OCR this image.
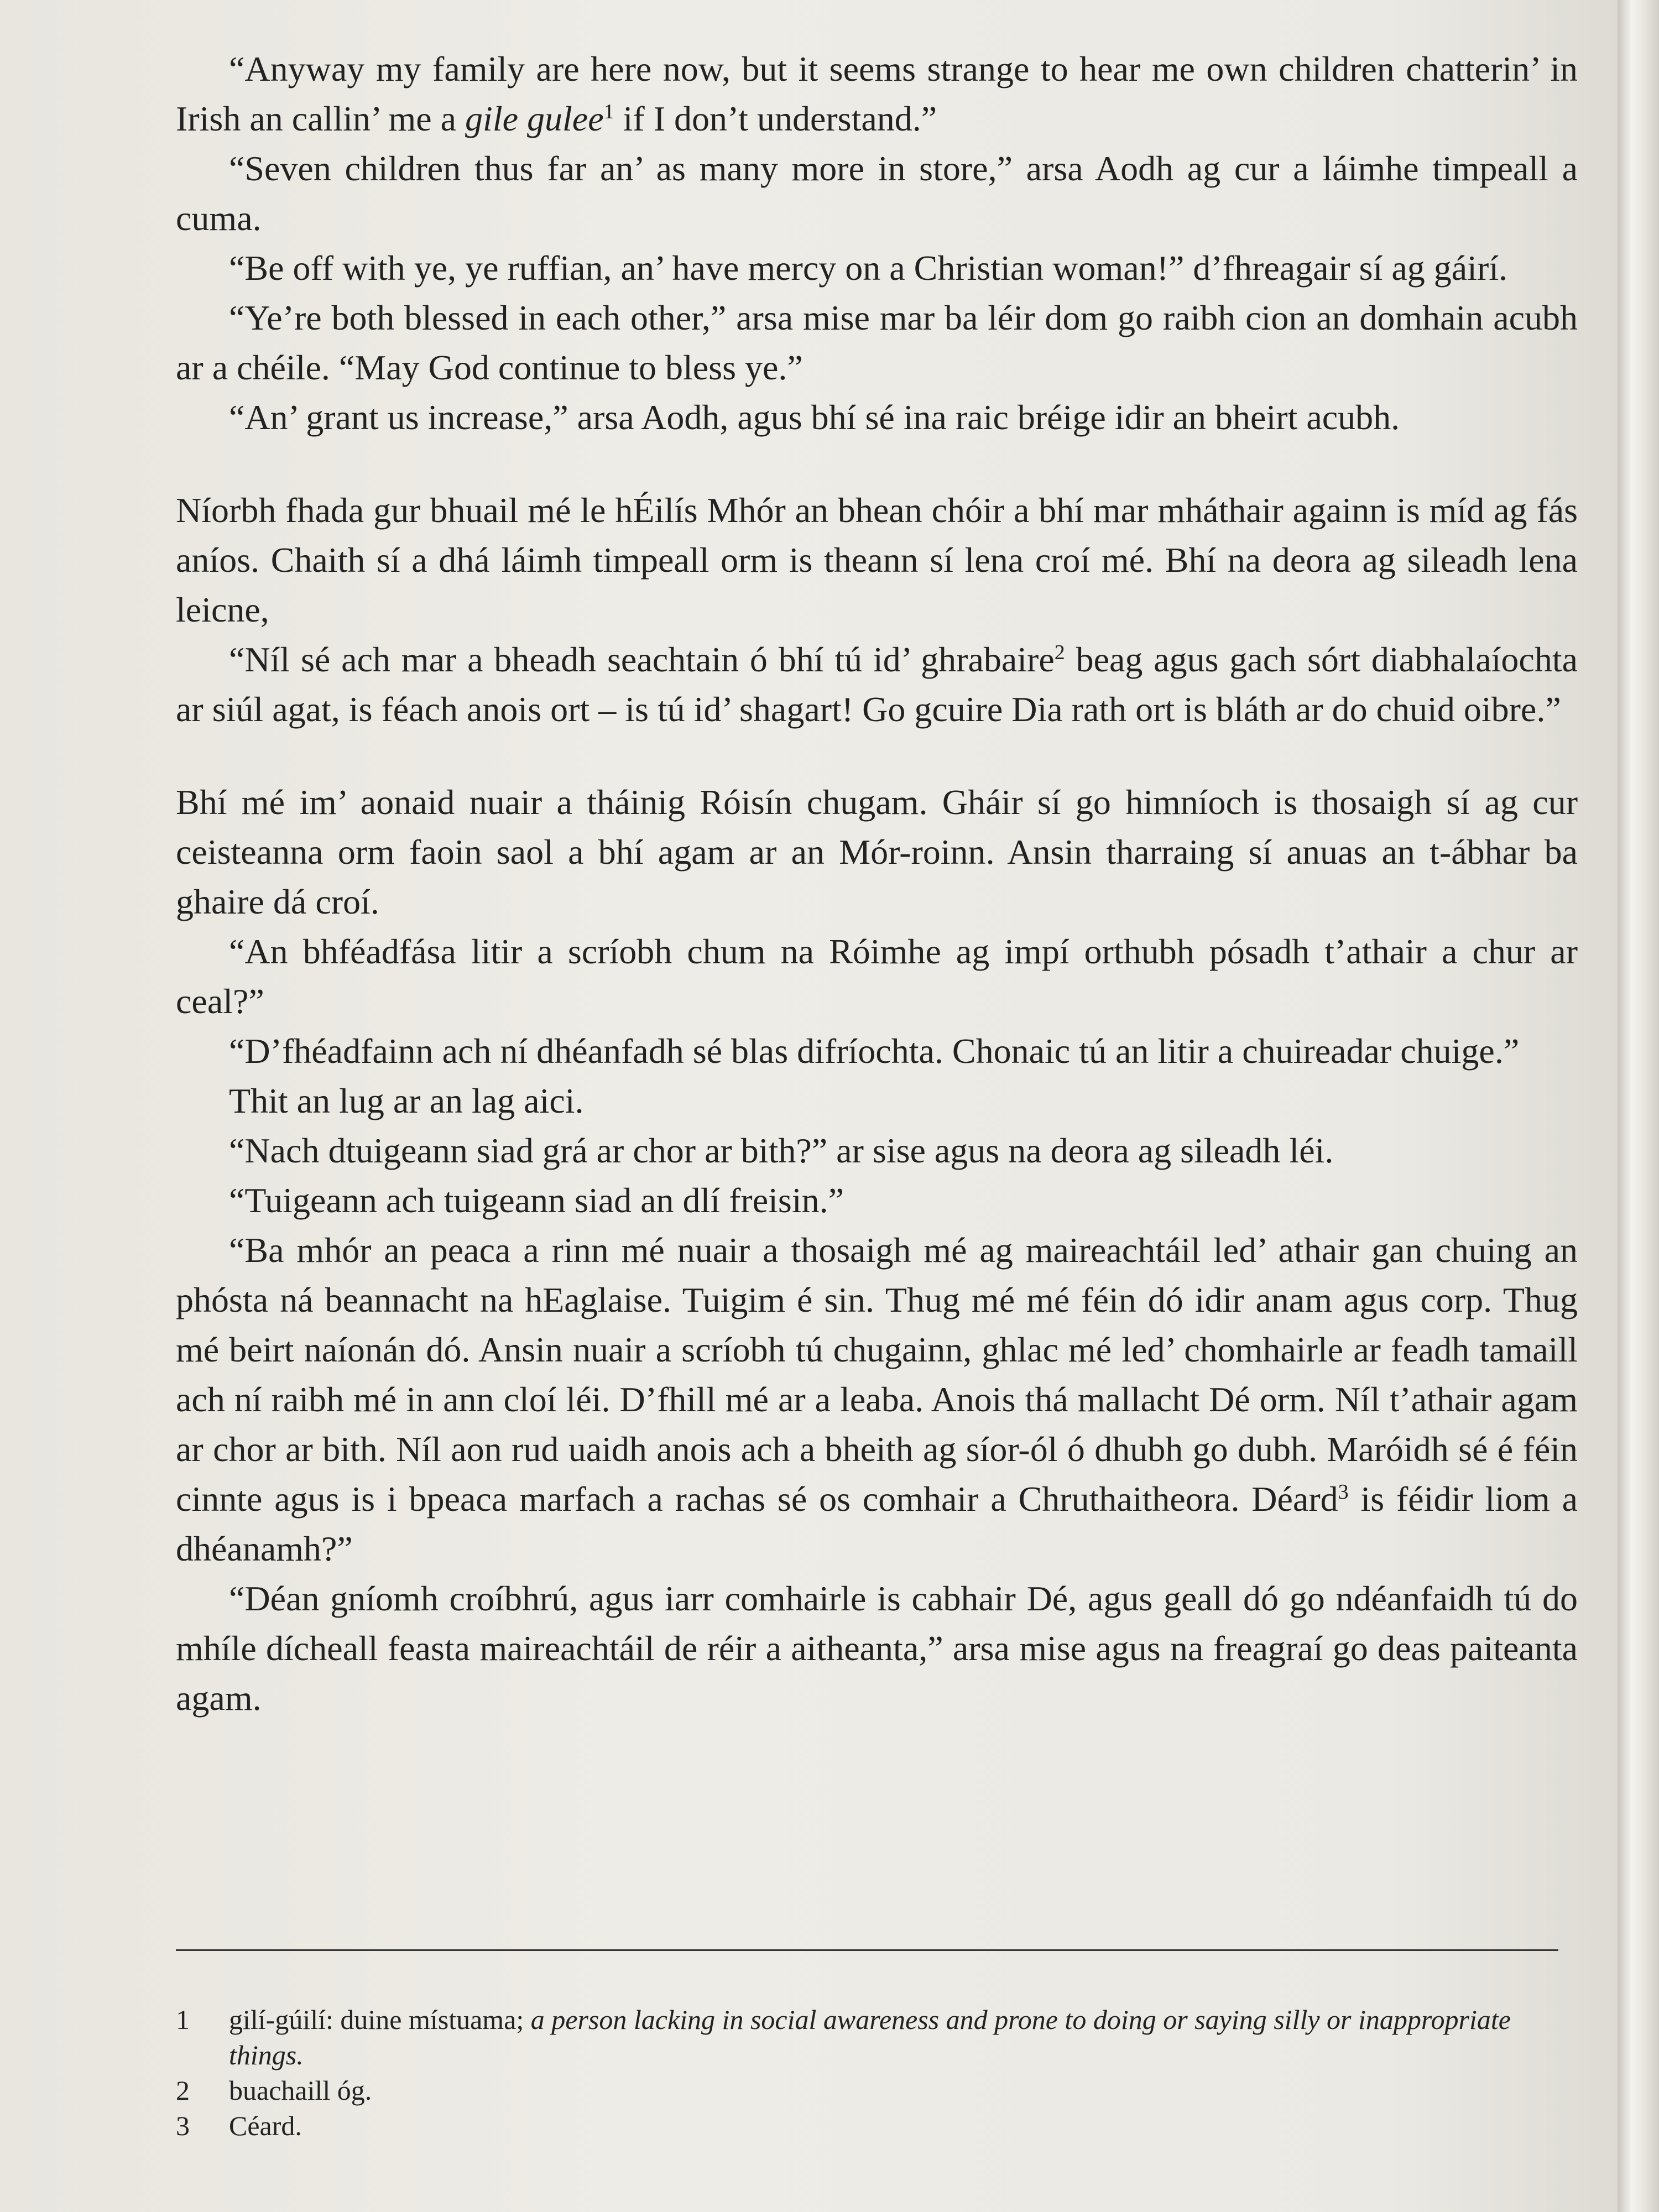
“Anyway my family are here now, but it seems strange to hear me own children chatterin’ in Irish an callin’ me a gile gulee$^1$ if I don’t understand.”

“Seven children thus far an’ as many more in store,” arsa Aodh ag cur a láimhe timpeall a cuma.

“Be off with ye, ye ruffian, an’ have mercy on a Christian woman!” d’fhreagair sí ag gáirí.

“Ye’re both blessed in each other,” arsa mise mar ba léir dom go raibh cion an domhain acubh ar a chéile. “May God continue to bless ye.”

“An’ grant us increase,” arsa Aodh, agus bhí sé ina raic bréige idir an bheirt acubh.

Níorbh fhada gur bhuail mé le hÉilís Mhór an bhean chóir a bhí mar mháthair againn is míd ag fás aníos. Chaith sí a dhá láimh timpeall orm is theann sí lena croí mé. Bhí na deora ag sileadh lena leicne,

“Níl sé ach mar a bheadh seachtain ó bhí tú id’ ghrabaire$^2$ beag agus gach sórt diabhalaíochta ar siúl agat, is féach anois ort – is tú id’ shagart! Go gcuire Dia rath ort is bláth ar do chuid oibre.”

Bhí mé im’ aonaid nuair a tháinig Róisín chugam. Gháir sí go himníoch is thosaigh sí ag cur ceisteanna orm faoin saol a bhí agam ar an Mór-roinn. Ansin tharraing sí anuas an t-ábhar ba ghaire dá croí.

“An bhféadfása litir a scríobh chum na Róimhe ag impí orthubh pósadh t’athair a chur ar ceal?”

“D’fhéadfainn ach ní dhéanfadh sé blas difríochta. Chonaic tú an litir a chuireadar chuige.”

Thit an lug ar an lag aici.

“Nach dtuigeann siad grá ar chor ar bith?” ar sise agus na deora ag sileadh léi.

“Tuigeann ach tuigeann siad an dlí freisin.”

“Ba mhór an peaca a rinn mé nuair a thosaigh mé ag maireachtáil led’ athair gan chuing an phósta ná beannacht na hEaglaise. Tuigim é sin. Thug mé mé féin dó idir anam agus corp. Thug mé beirt naíonán dó. Ansin nuair a scríobh tú chugainn, ghlac mé led’ chomhairle ar feadh tamaill ach ní raibh mé in ann cloí léi. D’fhill mé ar a leaba. Anois thá mallacht Dé orm. Níl t’athair agam ar chor ar bith. Níl aon rud uaidh anois ach a bheith ag síor-ól ó dhubh go dubh. Maróidh sé é féin cinnte agus is i bpeaca marfach a rachas sé os comhair a Chruthaitheora. Déard$^3$ is féidir liom a dhéanamh?”

“Déan gníomh croíbhrú, agus iarr comhairle is cabhair Dé, agus geall dó go ndéanfaidh tú do mhíle dícheall feasta maireachtáil de réir a aitheanta,” arsa mise agus na freagraí go deas paiteanta agam.

1	gilí-gúilí: duine místuama; a person lacking in social awareness and prone to doing or saying silly or inappropriate things.
2	buachaill óg.
3	Céard.
